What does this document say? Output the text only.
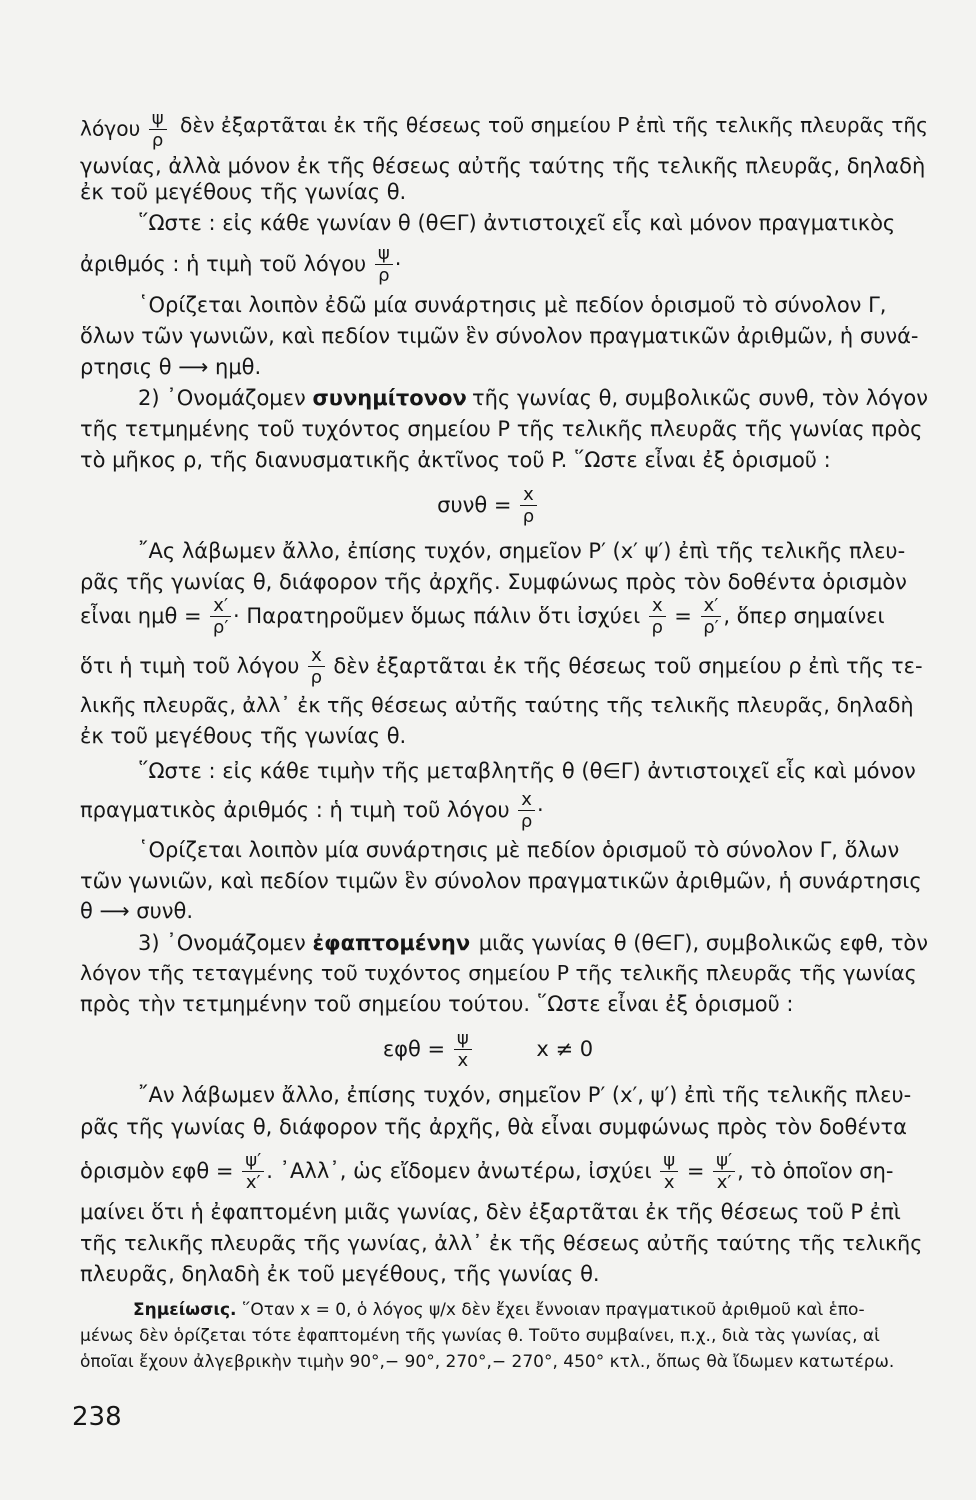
λόγου $\frac{\psi}{\rho}$ δὲν ἐξαρτᾶται ἐκ τῆς θέσεως τοῦ σημείου P ἐπὶ τῆς τελικῆς πλευρᾶς τῆς
γωνίας, ἀλλὰ μόνον ἐκ τῆς θέσεως αὐτῆς ταύτης τῆς τελικῆς πλευρᾶς, δηλαδὴ
ἐκ τοῦ μεγέθους τῆς γωνίας θ.
῞Ωστε : εἰς κάθε γωνίαν θ (θ∈Γ) ἀντιστοιχεῖ εἷς καὶ μόνον πραγματικὸς
ἀριθμός : ἡ τιμὴ τοῦ λόγου $\frac{\psi}{\rho}$ ·
῾Ορίζεται λοιπὸν ἐδῶ μία συνάρτησις μὲ πεδίον ὁρισμοῦ τὸ σύνολον Γ,
ὅλων τῶν γωνιῶν, καὶ πεδίον τιμῶν ἓν σύνολον πραγματικῶν ἀριθμῶν, ἡ συνά-
ρτησις θ ⟶ ημθ.
2) ᾿Ονομάζομεν συνημίτονον τῆς γωνίας θ, συμβολικῶς συνθ, τὸν λόγον
τῆς τετμημένης τοῦ τυχόντος σημείου P τῆς τελικῆς πλευρᾶς τῆς γωνίας πρὸς
τὸ μῆκος ρ, τῆς διανυσματικῆς ἀκτῖνος τοῦ P. ῞Ωστε εἶναι ἐξ ὁρισμοῦ :
$\sigma\upsilon\nu\theta = \frac{x}{\rho}$
῎Ας λάβωμεν ἄλλο, ἐπίσης τυχόν, σημεῖον P′ (x′ ψ′) ἐπὶ τῆς τελικῆς πλευ-
ρᾶς τῆς γωνίας θ, διάφορον τῆς ἀρχῆς. Συμφώνως πρὸς τὸν δοθέντα ὁρισμὸν
εἶναι $\eta\mu\theta = \frac{x'}{\rho'}$ · Παρατηροῦμεν ὅμως πάλιν ὅτι ἰσχύει $\frac{x}{\rho} = \frac{x'}{\rho'}$ , ὅπερ σημαίνει
ὅτι ἡ τιμὴ τοῦ λόγου $\frac{x}{\rho}$ δὲν ἐξαρτᾶται ἐκ τῆς θέσεως τοῦ σημείου ρ ἐπὶ τῆς τε-
λικῆς πλευρᾶς, ἀλλ᾿ ἐκ τῆς θέσεως αὐτῆς ταύτης τῆς τελικῆς πλευρᾶς, δηλαδὴ
ἐκ τοῦ μεγέθους τῆς γωνίας θ.
῞Ωστε : εἰς κάθε τιμὴν τῆς μεταβλητῆς θ (θ∈Γ) ἀντιστοιχεῖ εἷς καὶ μόνον
πραγματικὸς ἀριθμός : ἡ τιμὴ τοῦ λόγου $\frac{x}{\rho}$ ·
῾Ορίζεται λοιπὸν μία συνάρτησις μὲ πεδίον ὁρισμοῦ τὸ σύνολον Γ, ὅλων
τῶν γωνιῶν, καὶ πεδίον τιμῶν ἓν σύνολον πραγματικῶν ἀριθμῶν, ἡ συνάρτησις
θ ⟶ συνθ.
3) ᾿Ονομάζομεν ἐφαπτομένην μιᾶς γωνίας θ (θ∈Γ), συμβολικῶς εφθ, τὸν
λόγον τῆς τεταγμένης τοῦ τυχόντος σημείου P τῆς τελικῆς πλευρᾶς τῆς γωνίας
πρὸς τὴν τετμημένην τοῦ σημείου τούτου. ῞Ωστε εἶναι ἐξ ὁρισμοῦ :
$\varepsilon\varphi\theta = \frac{\psi}{x}$	x ≠ 0
῎Αν λάβωμεν ἄλλο, ἐπίσης τυχόν, σημεῖον P′ (x′, ψ′) ἐπὶ τῆς τελικῆς πλευ-
ρᾶς τῆς γωνίας θ, διάφορον τῆς ἀρχῆς, θὰ εἶναι συμφώνως πρὸς τὸν δοθέντα
ὁρισμὸν $\varepsilon\varphi\theta = \frac{\psi'}{x'}$ . ᾿Αλλ᾿, ὡς εἴδομεν ἀνωτέρω, ἰσχύει $\frac{\psi}{x} = \frac{\psi'}{x'}$ , τὸ ὁποῖον ση-
μαίνει ὅτι ἡ ἐφαπτομένη μιᾶς γωνίας, δὲν ἐξαρτᾶται ἐκ τῆς θέσεως τοῦ P ἐπὶ
τῆς τελικῆς πλευρᾶς τῆς γωνίας, ἀλλ᾿ ἐκ τῆς θέσεως αὐτῆς ταύτης τῆς τελικῆς
πλευρᾶς, δηλαδὴ ἐκ τοῦ μεγέθους, τῆς γωνίας θ.
Σημείωσις. ῞Οταν x = 0, ὁ λόγος ψ/x δὲν ἔχει ἔννοιαν πραγματικοῦ ἀριθμοῦ καὶ ἑπο-
μένως δὲν ὁρίζεται τότε ἐφαπτομένη τῆς γωνίας θ. Τοῦτο συμβαίνει, π.χ., διὰ τὰς γωνίας, αἱ
ὁποῖαι ἔχουν ἀλγεβρικὴν τιμὴν 90°,− 90°, 270°,− 270°, 450° κτλ., ὅπως θὰ ἴδωμεν κατωτέρω.
238
